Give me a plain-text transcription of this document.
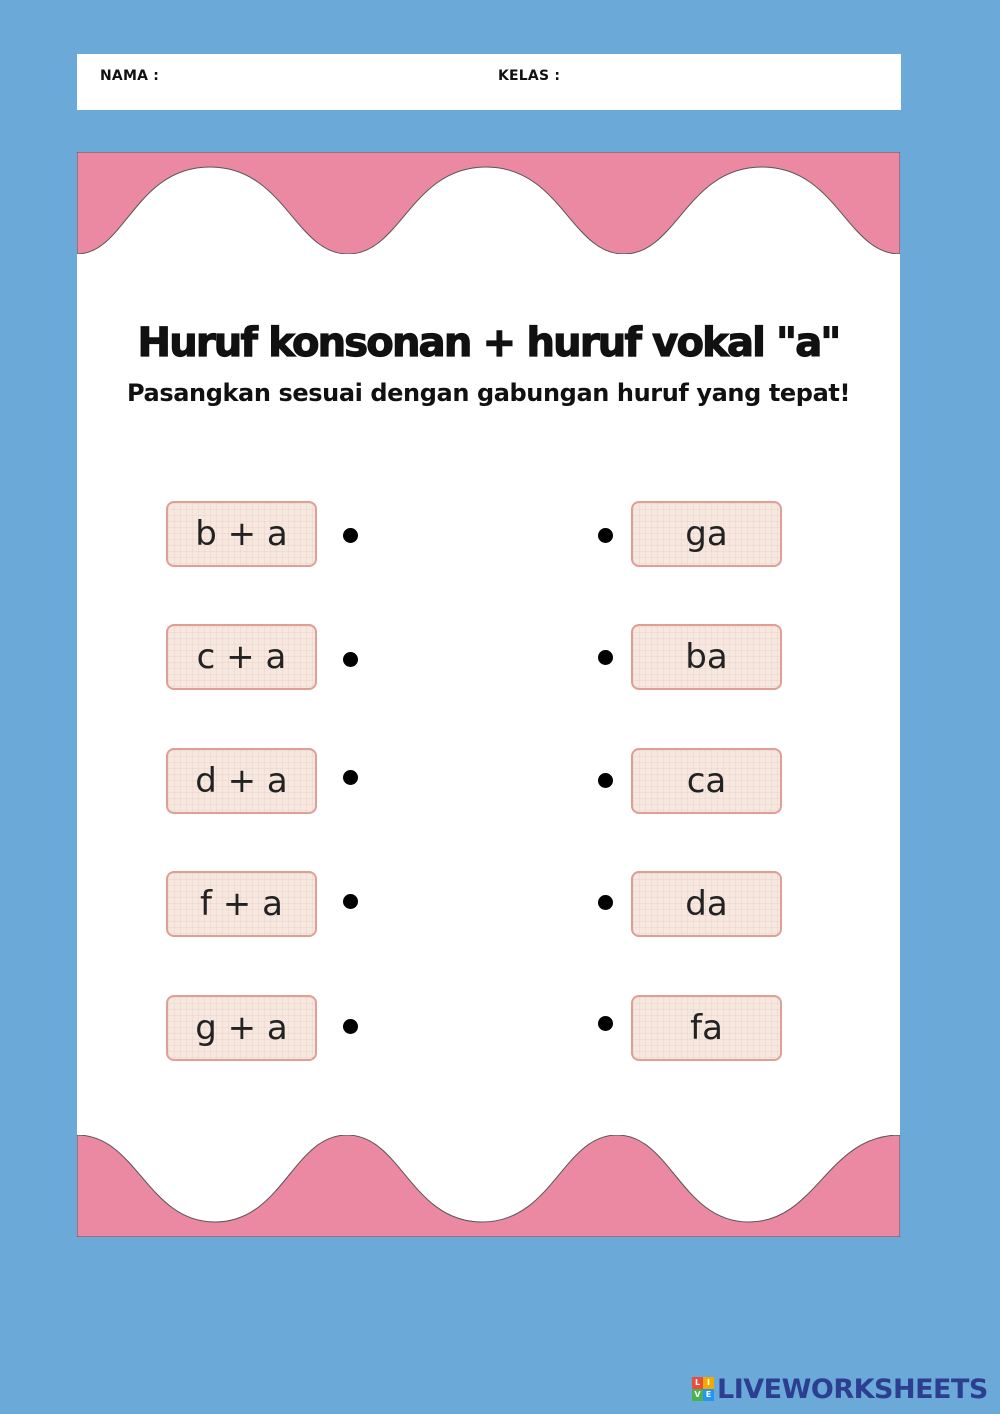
NAMA :	KELAS :
Huruf konsonan + huruf vokal "a"
Pasangkan sesuai dengan gabungan huruf yang tepat!
b + a
c + a
d + a
f + a
g + a
ga
ba
ca
da
fa
L I
V E LIVEWORKSHEETS
